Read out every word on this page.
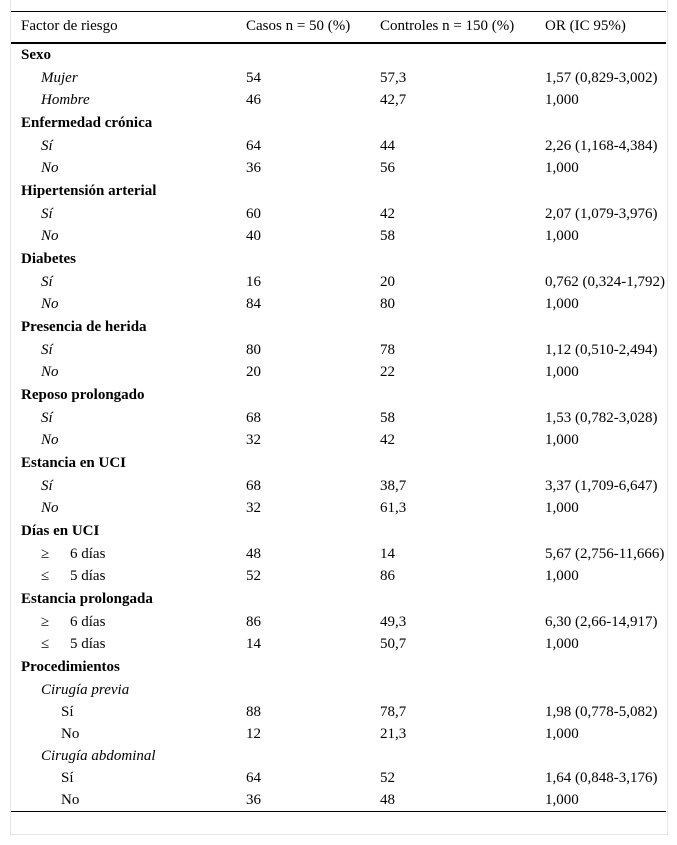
Factor de riesgo	Casos n = 50 (%)	Controles n = 150 (%)	OR (IC 95%)
Sexo			
Mujer	54	57,3	1,57 (0,829-3,002)
Hombre	46	42,7	1,000
Enfermedad crónica			
Sí	64	44	2,26 (1,168-4,384)
No	36	56	1,000
Hipertensión arterial			
Sí	60	42	2,07 (1,079-3,976)
No	40	58	1,000
Diabetes			
Sí	16	20	0,762 (0,324-1,792)
No	84	80	1,000
Presencia de herida			
Sí	80	78	1,12 (0,510-2,494)
No	20	22	1,000
Reposo prolongado			
Sí	68	58	1,53 (0,782-3,028)
No	32	42	1,000
Estancia en UCI			
Sí	68	38,7	3,37 (1,709-6,647)
No	32	61,3	1,000
Días en UCI			
≥ 6 días	48	14	5,67 (2,756-11,666)
≤ 5 días	52	86	1,000
Estancia prolongada			
≥ 6 días	86	49,3	6,30 (2,66-14,917)
≤ 5 días	14	50,7	1,000
Procedimientos			
Cirugía previa			
Sí	88	78,7	1,98 (0,778-5,082)
No	12	21,3	1,000
Cirugía abdominal			
Sí	64	52	1,64 (0,848-3,176)
No	36	48	1,000
